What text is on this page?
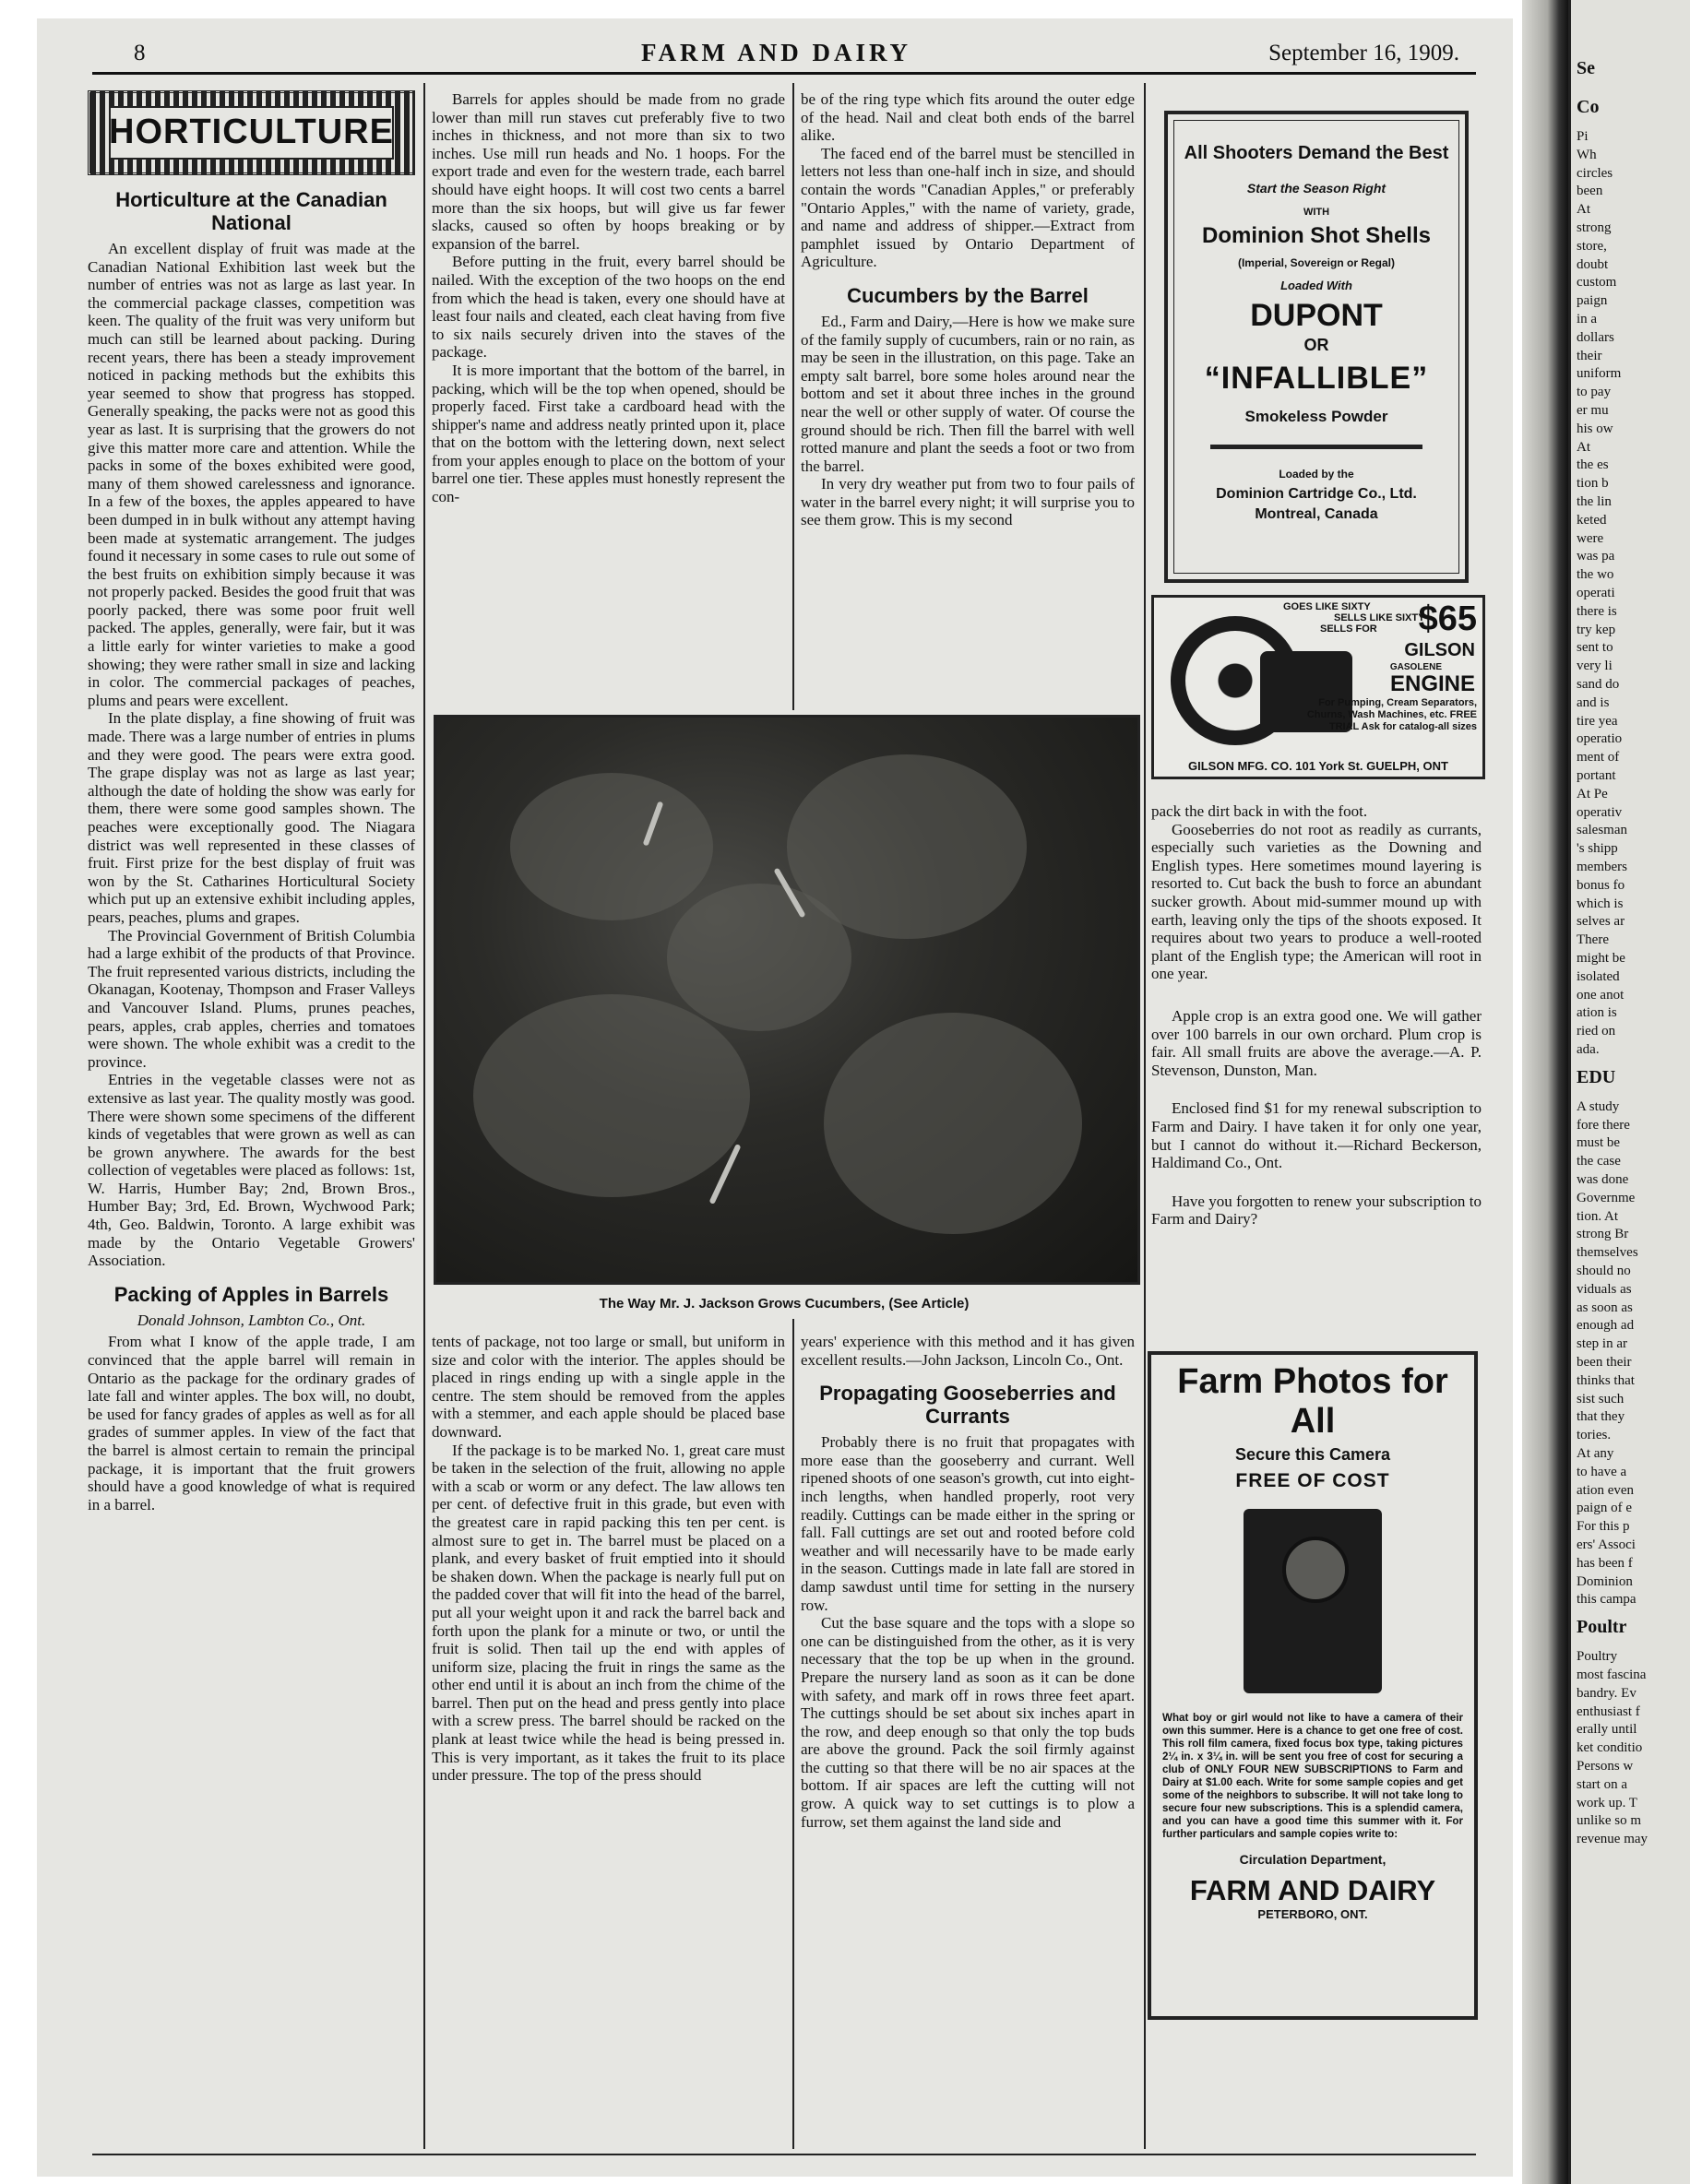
8	FARM AND DAIRY	September 16, 1909.
HORTICULTURE
Horticulture at the Canadian National

An excellent display of fruit was made at the Canadian National Exhibition last week but the number of entries was not as large as last year. In the commercial package classes, competition was keen. The quality of the fruit was very uniform but much can still be learned about packing. During recent years, there has been a steady improvement noticed in packing methods but the exhibits this year seemed to show that progress has stopped. Generally speaking, the packs were not as good this year as last. It is surprising that the growers do not give this matter more care and attention. While the packs in some of the boxes exhibited were good, many of them showed carelessness and ignorance. In a few of the boxes, the apples appeared to have been dumped in in bulk without any attempt having been made at systematic arrangement. The judges found it necessary in some cases to rule out some of the best fruits on exhibition simply because it was not properly packed. Besides the good fruit that was poorly packed, there was some poor fruit well packed. The apples, generally, were fair, but it was a little early for winter varieties to make a good showing; they were rather small in size and lacking in color. The commercial packages of peaches, plums and pears were excellent.

In the plate display, a fine showing of fruit was made. There was a large number of entries in plums and they were good. The pears were extra good. The grape display was not as large as last year; although the date of holding the show was early for them, there were some good samples shown. The peaches were exceptionally good. The Niagara district was well represented in these classes of fruit. First prize for the best display of fruit was won by the St. Catharines Horticultural Society which put up an extensive exhibit including apples, pears, peaches, plums and grapes.

The Provincial Government of British Columbia had a large exhibit of the products of that Province. The fruit represented various districts, including the Okanagan, Kootenay, Thompson and Fraser Valleys and Vancouver Island. Plums, prunes peaches, pears, apples, crab apples, cherries and tomatoes were shown. The whole exhibit was a credit to the province.

Entries in the vegetable classes were not as extensive as last year. The quality mostly was good. There were shown some specimens of the different kinds of vegetables that were grown as well as can be grown anywhere. The awards for the best collection of vegetables were placed as follows: 1st, W. Harris, Humber Bay; 2nd, Brown Bros., Humber Bay; 3rd, Ed. Brown, Wychwood Park; 4th, Geo. Baldwin, Toronto. A large exhibit was made by the Ontario Vegetable Growers' Association.

Packing of Apples in Barrels

Donald Johnson, Lambton Co., Ont.

From what I know of the apple trade, I am convinced that the apple barrel will remain in Ontario as the package for the ordinary grades of late fall and winter apples. The box will, no doubt, be used for fancy grades of apples as well as for all grades of summer apples. In view of the fact that the barrel is almost certain to remain the principal package, it is important that the fruit growers should have a good knowledge of what is required in a barrel.

Barrels for apples should be made from no grade lower than mill run staves cut preferably five to two inches in thickness, and not more than six to two inches. Use mill run heads and No. 1 hoops. For the export trade and even for the western trade, each barrel should have eight hoops. It will cost two cents a barrel more than the six hoops, but will give us far fewer slacks, caused so often by hoops breaking or by expansion of the barrel.

Before putting in the fruit, every barrel should be nailed. With the exception of the two hoops on the end from which the head is taken, every one should have at least four nails and cleated, each cleat having from five to six nails securely driven into the staves of the package.

It is more important that the bottom of the barrel, in packing, which will be the top when opened, should be properly faced. First take a cardboard head with the shipper's name and address neatly printed upon it, place that on the bottom with the lettering down, next select from your apples enough to place on the bottom of your barrel one tier. These apples must honestly represent the con-

be of the ring type which fits around the outer edge of the head. Nail and cleat both ends of the barrel alike.

The faced end of the barrel must be stencilled in letters not less than one-half inch in size, and should contain the words "Canadian Apples," or preferably "Ontario Apples," with the name of variety, grade, and name and address of shipper.—Extract from pamphlet issued by Ontario Department of Agriculture.

Cucumbers by the Barrel

Ed., Farm and Dairy,—Here is how we make sure of the family supply of cucumbers, rain or no rain, as may be seen in the illustration, on this page. Take an empty salt barrel, bore some holes around near the bottom and set it about three inches in the ground near the well or other supply of water. Of course the ground should be rich. Then fill the barrel with well rotted manure and plant the seeds a foot or two from the barrel.

In very dry weather put from two to four pails of water in the barrel every night; it will surprise you to see them grow. This is my second

The Way Mr. J. Jackson Grows Cucumbers, (See Article)

tents of package, not too large or small, but uniform in size and color with the interior. The apples should be placed in rings ending up with a single apple in the centre. The stem should be removed from the apples with a stemmer, and each apple should be placed base downward.

If the package is to be marked No. 1, great care must be taken in the selection of the fruit, allowing no apple with a scab or worm or any defect. The law allows ten per cent. of defective fruit in this grade, but even with the greatest care in rapid packing this ten per cent. is almost sure to get in. The barrel must be placed on a plank, and every basket of fruit emptied into it should be shaken down. When the package is nearly full put on the padded cover that will fit into the head of the barrel, put all your weight upon it and rack the barrel back and forth upon the plank for a minute or two, or until the fruit is solid. Then tail up the end with apples of uniform size, placing the fruit in rings the same as the other end until it is about an inch from the chime of the barrel. Then put on the head and press gently into place with a screw press. The barrel should be racked on the plank at least twice while the head is being pressed in. This is very important, as it takes the fruit to its place under pressure. The top of the press should

years' experience with this method and it has given excellent results.—John Jackson, Lincoln Co., Ont.

Propagating Gooseberries and Currants

Probably there is no fruit that propagates with more ease than the gooseberry and currant. Well ripened shoots of one season's growth, cut into eight-inch lengths, when handled properly, root very readily. Cuttings can be made either in the spring or fall. Fall cuttings are set out and rooted before cold weather and will necessarily have to be made early in the season. Cuttings made in late fall are stored in damp sawdust until time for setting in the nursery row.

Cut the base square and the tops with a slope so one can be distinguished from the other, as it is very necessary that the top be up when in the ground. Prepare the nursery land as soon as it can be done with safety, and mark off in rows three feet apart. The cuttings should be set about six inches apart in the row, and deep enough so that only the top buds are above the ground. Pack the soil firmly against the cutting so that there will be no air spaces at the bottom. If air spaces are left the cutting will not grow. A quick way to set cuttings is to plow a furrow, set them against the land side and

All Shooters Demand the Best
Start the Season Right
WITH
Dominion Shot Shells
(Imperial, Sovereign or Regal)
Loaded With
DUPONT
OR
“INFALLIBLE”
Smokeless Powder
Loaded by the
Dominion Cartridge Co., Ltd.
Montreal, Canada
GOES LIKE SIXTY
SELLS LIKE SIXTY
SELLS FOR $65
GILSON
GASOLENE
ENGINE
For Pumping, Cream Separators, Churns, Wash Machines, etc. FREE TRIAL Ask for catalog-all sizes
GILSON MFG. CO. 101 York St. GUELPH, ONT

pack the dirt back in with the foot.

Gooseberries do not root as readily as currants, especially such varieties as the Downing and English types. Here sometimes mound layering is resorted to. Cut back the bush to force an abundant sucker growth. About mid-summer mound up with earth, leaving only the tips of the shoots exposed. It requires about two years to produce a well-rooted plant of the English type; the American will root in one year.

Apple crop is an extra good one. We will gather over 100 barrels in our own orchard. Plum crop is fair. All small fruits are above the average.—A. P. Stevenson, Dunston, Man.

Enclosed find $1 for my renewal subscription to Farm and Dairy. I have taken it for only one year, but I cannot do without it.—Richard Beckerson, Haldimand Co., Ont.

Have you forgotten to renew your subscription to Farm and Dairy?

Farm Photos for All
Secure this Camera
FREE OF COST
What boy or girl would not like to have a camera of their own this summer. Here is a chance to get one free of cost. This roll film camera, fixed focus box type, taking pictures 2¼ in. x 3¼ in. will be sent you free of cost for securing a club of ONLY FOUR NEW SUBSCRIPTIONS to Farm and Dairy at $1.00 each. Write for some sample copies and get some of the neighbors to subscribe. It will not take long to secure four new subscriptions. This is a splendid camera, and you can have a good time this summer with it. For further particulars and sample copies write to:
Circulation Department,
FARM AND DAIRY
PETERBORO, ONT.
Se
Co
Pi
Wh
circles
been
At
strong
store,
doubt
custom
paign
in a
dollars
their
uniform
to pay
er mu
his ow
At
the es
tion b
the lin
keted
were
was pa
the wo
operati
there is
try kep
sent to
very li
sand do
and is
tire yea
operatio
ment of
portant
At Pe
operativ
salesman
's shipp
members
bonus fo
which is
selves ar
There
might be
isolated
one anot
ation is
ried on
ada.
EDU
A study
fore there
must be
the case
was done
Governme
tion. At
strong Br
themselves
should no
viduals as
as soon as
enough ad
step in ar
been their
thinks that
sist such
that they
tories.
At any
to have a
ation even
paign of e
For this p
ers' Associ
has been f
Dominion
this campa
Poultr
Poultry
most fascina
bandry. Ev
enthusiast f
erally until
ket conditio
Persons w
start on a
work up. T
unlike so m
revenue may
